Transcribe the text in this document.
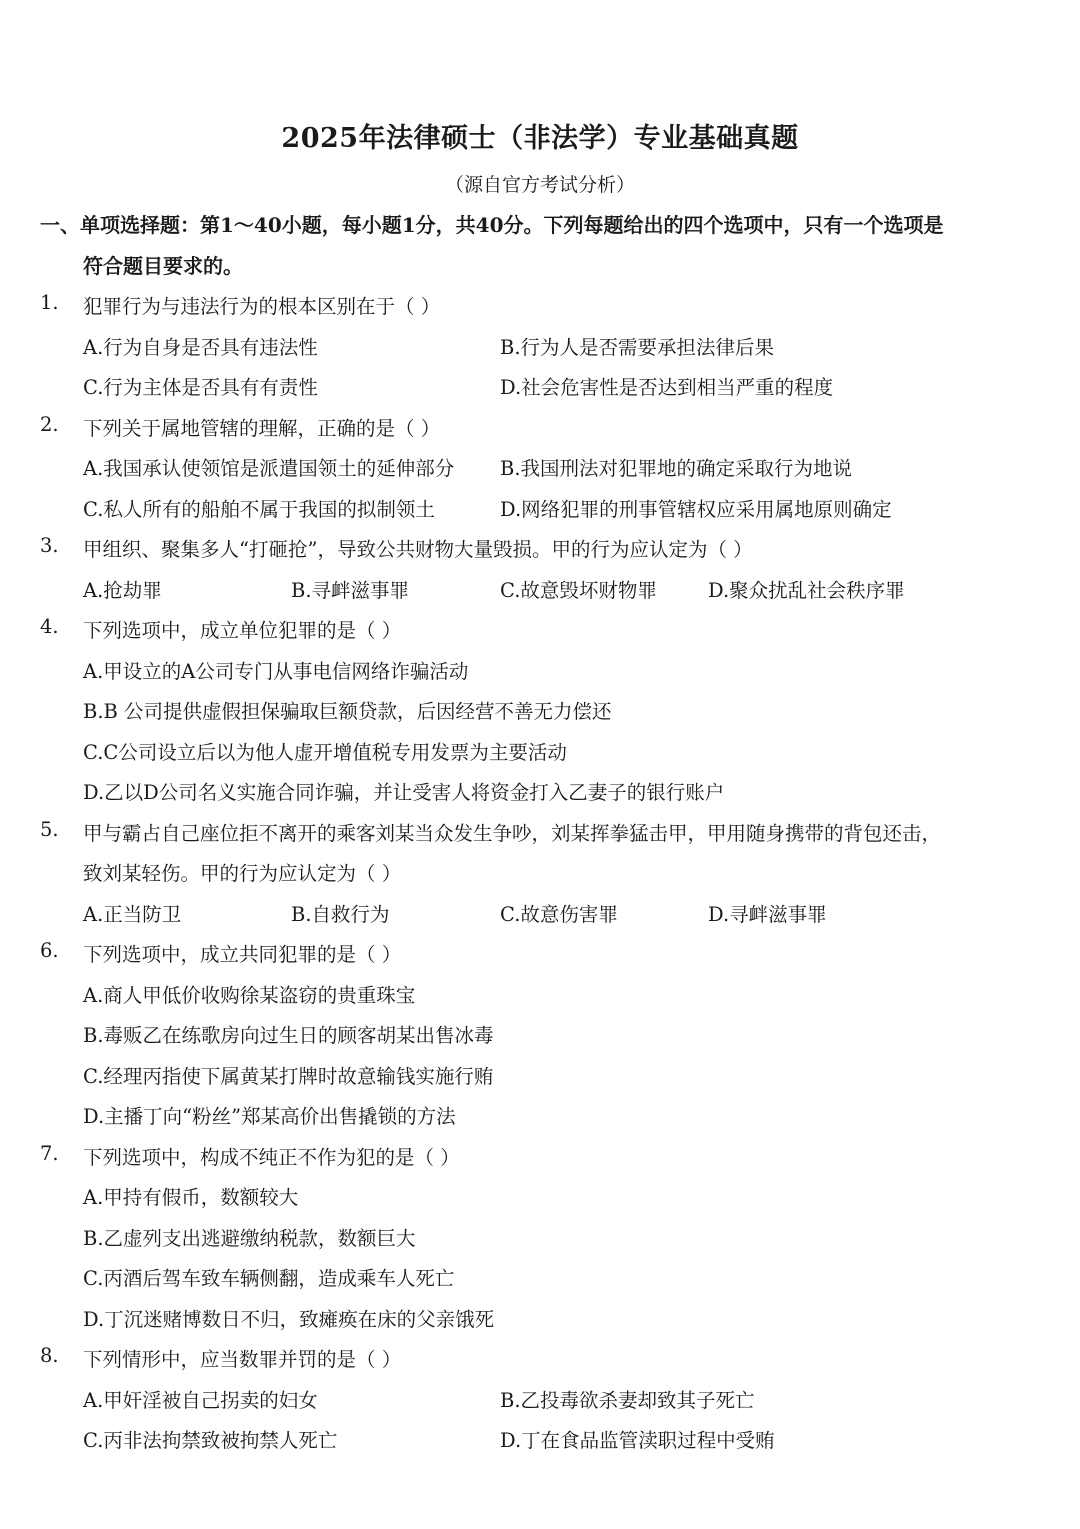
2025年法律硕士（非法学）专业基础真题
（源自官方考试分析）
一、单项选择题：第1～40小题，每小题1分，共40分。下列每题给出的四个选项中，只有一个选项是
符合题目要求的。
1. 犯罪行为与违法行为的根本区别在于（ ）
A.行为自身是否具有违法性	B.行为人是否需要承担法律后果
C.行为主体是否具有有责性	D.社会危害性是否达到相当严重的程度
2. 下列关于属地管辖的理解，正确的是（ ）
A.我国承认使领馆是派遣国领土的延伸部分 B.我国刑法对犯罪地的确定采取行为地说
C.私人所有的船舶不属于我国的拟制领土	D.网络犯罪的刑事管辖权应采用属地原则确定
3. 甲组织、聚集多人“打砸抢”，导致公共财物大量毁损。甲的行为应认定为（ ）
A.抢劫罪	B.寻衅滋事罪	C.故意毁坏财物罪	D.聚众扰乱社会秩序罪
4. 下列选项中，成立单位犯罪的是（ ）
A.甲设立的A公司专门从事电信网络诈骗活动
B.B 公司提供虚假担保骗取巨额贷款，后因经营不善无力偿还
C.C公司设立后以为他人虚开增值税专用发票为主要活动
D.乙以D公司名义实施合同诈骗，并让受害人将资金打入乙妻子的银行账户
5. 甲与霸占自己座位拒不离开的乘客刘某当众发生争吵，刘某挥拳猛击甲，甲用随身携带的背包还击，
致刘某轻伤。甲的行为应认定为（ ）
A.正当防卫	B.自救行为	C.故意伤害罪	D.寻衅滋事罪
6. 下列选项中，成立共同犯罪的是（ ）
A.商人甲低价收购徐某盗窃的贵重珠宝
B.毒贩乙在练歌房向过生日的顾客胡某出售冰毒
C.经理丙指使下属黄某打牌时故意输钱实施行贿
D.主播丁向“粉丝”郑某高价出售撬锁的方法
7. 下列选项中，构成不纯正不作为犯的是（ ）
A.甲持有假币，数额较大
B.乙虚列支出逃避缴纳税款，数额巨大
C.丙酒后驾车致车辆侧翻，造成乘车人死亡
D.丁沉迷赌博数日不归，致瘫痪在床的父亲饿死
8. 下列情形中，应当数罪并罚的是（ ）
A.甲奸淫被自己拐卖的妇女	B.乙投毒欲杀妻却致其子死亡
C.丙非法拘禁致被拘禁人死亡	D.丁在食品监管渎职过程中受贿
